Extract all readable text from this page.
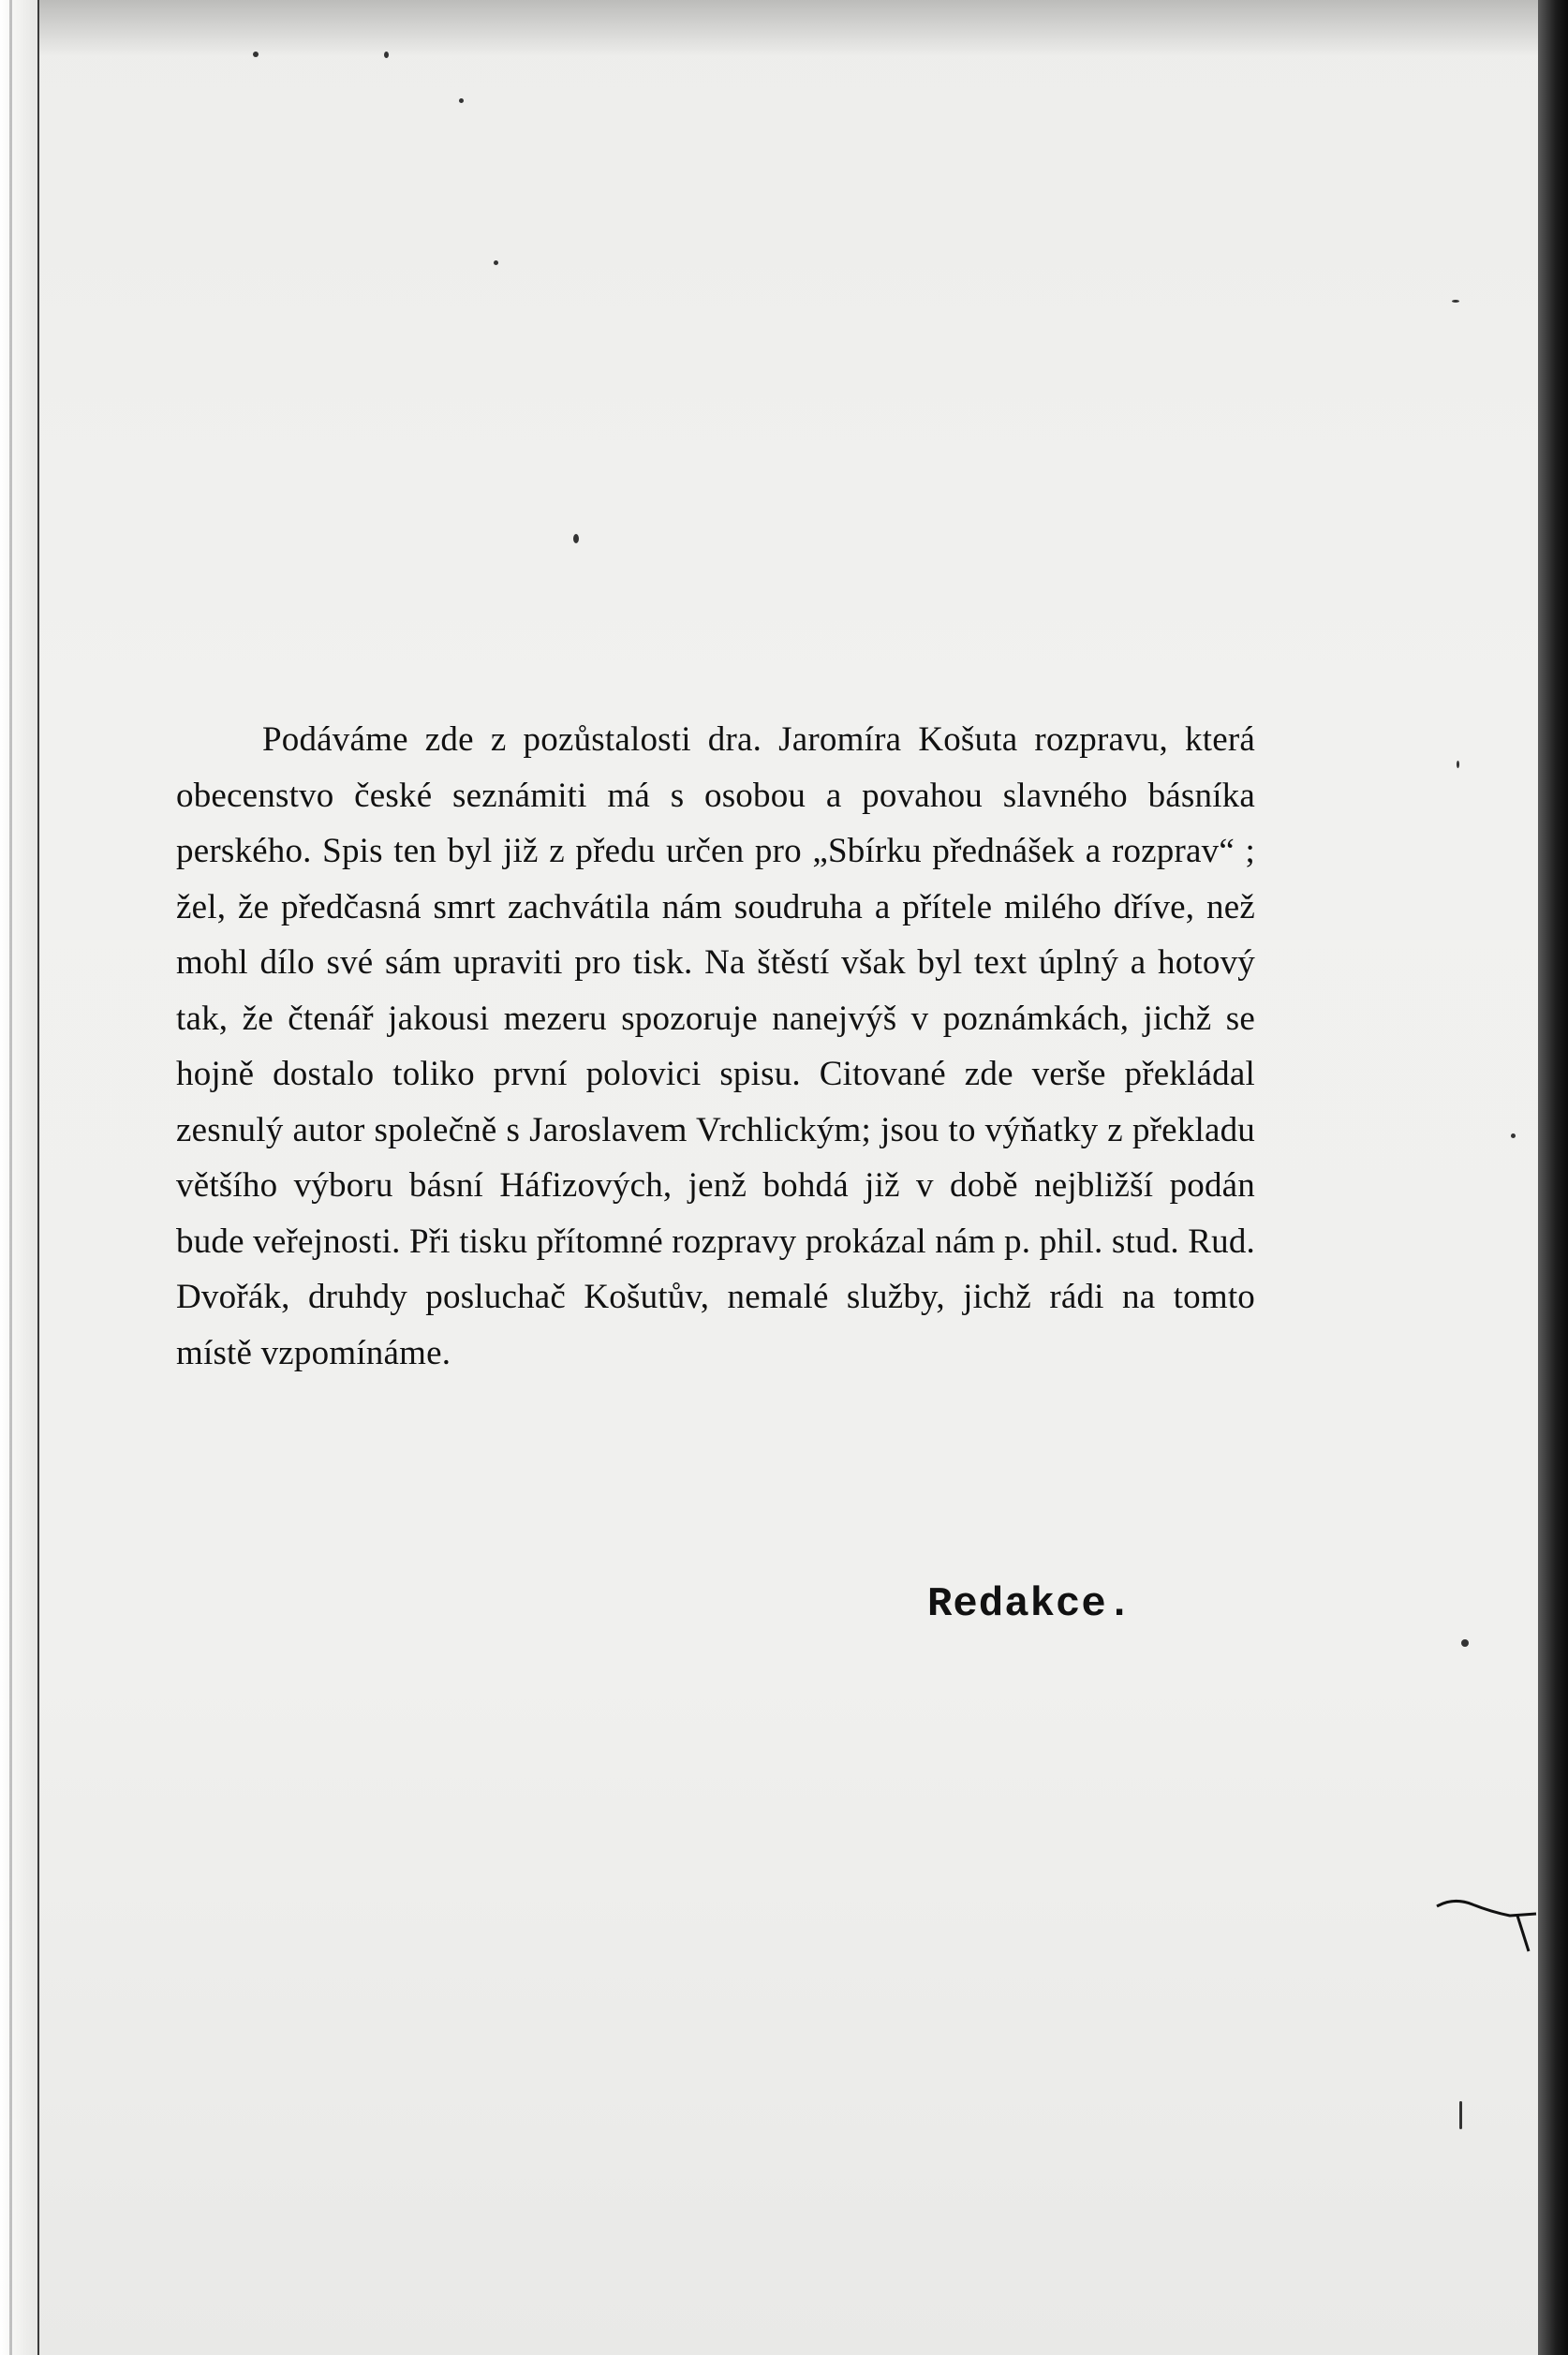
Podáváme zde z pozůstalosti dra. Jaromíra Košuta rozpravu, která obecenstvo české seznámiti má s osobou a povahou slavného básníka perského. Spis ten byl již z předu určen pro „Sbírku přednášek a rozprav“ ; žel, že předčasná smrt zachvátila nám soudruha a přítele milého dříve, než mohl dílo své sám upraviti pro tisk. Na štěstí však byl text úplný a hotový tak, že čtenář jakousi mezeru spozoruje nanejvýš v poznámkách, jichž se hojně dostalo toliko první polovici spisu. Citované zde verše překládal zesnulý autor společně s Jaroslavem Vrchlickým; jsou to výňatky z překladu většího výboru básní Háfizových, jenž bohdá již v době nejbližší podán bude veřejnosti. Při tisku přítomné rozpravy prokázal nám p. phil. stud. Rud. Dvořák, druhdy posluchač Košutův, nemalé služby, jichž rádi na tomto místě vzpomínáme.

Redakce.
